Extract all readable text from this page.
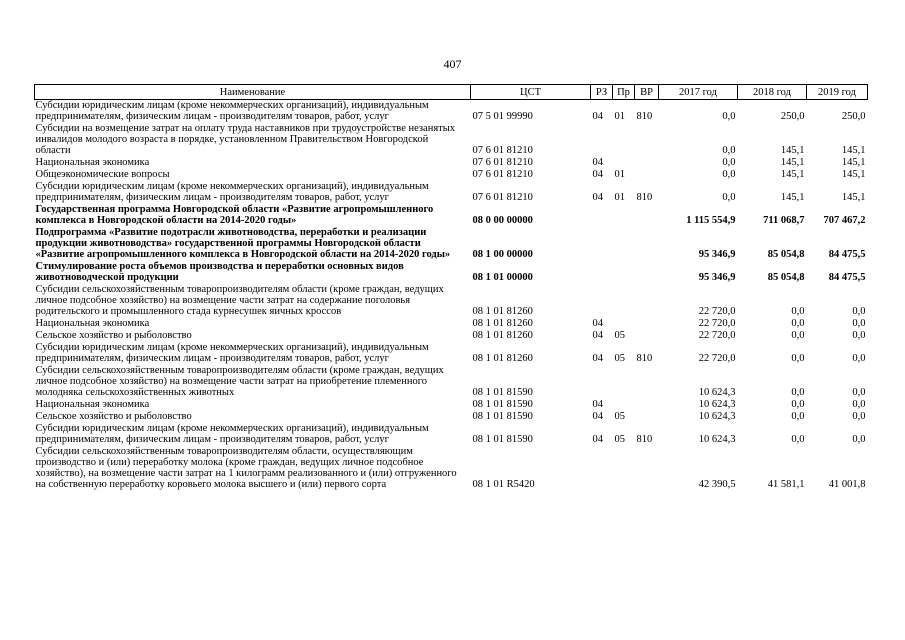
407
Наименование	ЦСТ	РЗ	Пр	ВР	2017 год	2018 год	2019 год
Субсидии юридическим лицам (кроме некоммерческих организаций), индивидуальным предпринимателям, физическим лицам - производителям товаров, работ, услуг	07 5 01 99990	04	01	810	0,0	250,0	250,0
Субсидии на возмещение затрат на оплату труда наставников при трудоустройстве незанятых инвалидов молодого возраста в порядке, установленном Правительством Новгородской области	07 6 01 81210				0,0	145,1	145,1
Национальная экономика	07 6 01 81210	04			0,0	145,1	145,1
Общеэкономические вопросы	07 6 01 81210	04	01		0,0	145,1	145,1
Субсидии юридическим лицам (кроме некоммерческих организаций), индивидуальным предпринимателям, физическим лицам - производителям товаров, работ, услуг	07 6 01 81210	04	01	810	0,0	145,1	145,1
Государственная программа Новгородской области «Развитие агропромышленного комплекса в Новгородской области на 2014-2020 годы»	08 0 00 00000				1 115 554,9	711 068,7	707 467,2
Подпрограмма «Развитие подотрасли животноводства, переработки и реализации продукции животноводства» государственной программы Новгородской области «Развитие агропромышленного комплекса в Новгородской области на 2014-2020 годы»	08 1 00 00000				95 346,9	85 054,8	84 475,5
Стимулирование роста объемов производства и переработки основных видов животноводческой продукции	08 1 01 00000				95 346,9	85 054,8	84 475,5
Субсидии сельскохозяйственным товаропроизводителям области (кроме граждан, ведущих личное подсобное хозяйство) на возмещение части затрат на содержание поголовья родительского и промышленного стада курнесушек яичных кроссов	08 1 01 81260				22 720,0	0,0	0,0
Национальная экономика	08 1 01 81260	04			22 720,0	0,0	0,0
Сельское хозяйство и рыболовство	08 1 01 81260	04	05		22 720,0	0,0	0,0
Субсидии юридическим лицам (кроме некоммерческих организаций), индивидуальным предпринимателям, физическим лицам - производителям товаров, работ, услуг	08 1 01 81260	04	05	810	22 720,0	0,0	0,0
Субсидии сельскохозяйственным товаропроизводителям области (кроме граждан, ведущих личное подсобное хозяйство) на возмещение части затрат на приобретение племенного молодняка сельскохозяйственных животных	08 1 01 81590				10 624,3	0,0	0,0
Национальная экономика	08 1 01 81590	04			10 624,3	0,0	0,0
Сельское хозяйство и рыболовство	08 1 01 81590	04	05		10 624,3	0,0	0,0
Субсидии юридическим лицам (кроме некоммерческих организаций), индивидуальным предпринимателям, физическим лицам - производителям товаров, работ, услуг	08 1 01 81590	04	05	810	10 624,3	0,0	0,0
Субсидии сельскохозяйственным товаропроизводителям области, осуществляющим производство и (или) переработку молока (кроме граждан, ведущих личное подсобное хозяйство), на возмещение части затрат на 1 килограмм реализованного и (или) отгруженного на собственную переработку коровьего молока высшего и (или) первого сорта	08 1 01 R5420				42 390,5	41 581,1	41 001,8
